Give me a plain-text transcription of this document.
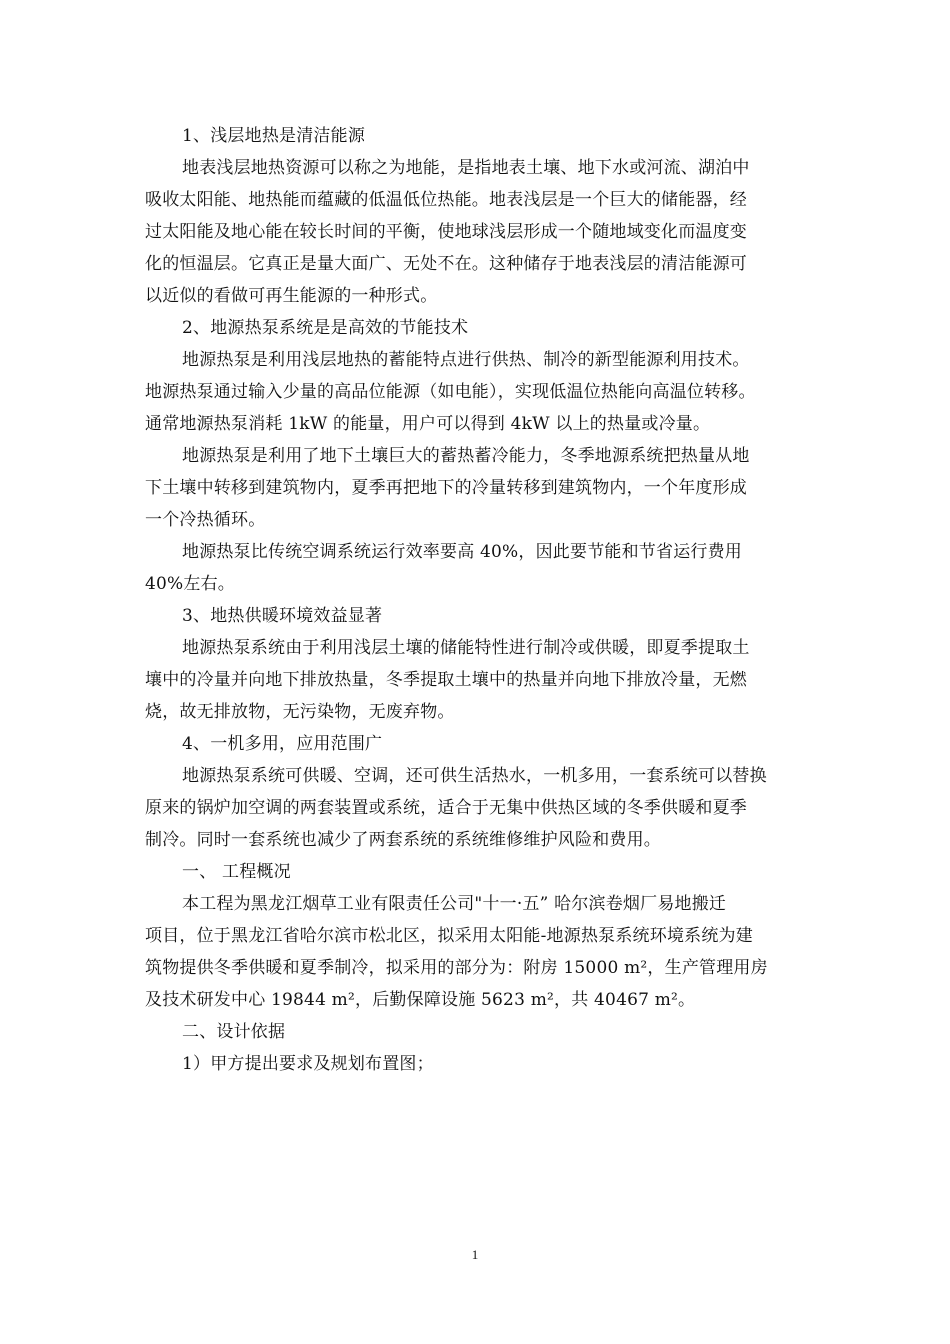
1、浅层地热是清洁能源
地表浅层地热资源可以称之为地能，是指地表土壤、地下水或河流、湖泊中
吸收太阳能、地热能而蕴藏的低温低位热能。地表浅层是一个巨大的储能器，经
过太阳能及地心能在较长时间的平衡，使地球浅层形成一个随地域变化而温度变
化的恒温层。它真正是量大面广、无处不在。这种储存于地表浅层的清洁能源可
以近似的看做可再生能源的一种形式。
2、地源热泵系统是是高效的节能技术
地源热泵是利用浅层地热的蓄能特点进行供热、制冷的新型能源利用技术。
地源热泵通过输入少量的高品位能源（如电能），实现低温位热能向高温位转移。
通常地源热泵消耗 1kW 的能量，用户可以得到 4kW 以上的热量或冷量。
地源热泵是利用了地下土壤巨大的蓄热蓄冷能力，冬季地源系统把热量从地
下土壤中转移到建筑物内，夏季再把地下的冷量转移到建筑物内，一个年度形成
一个冷热循环。
地源热泵比传统空调系统运行效率要高 40%，因此要节能和节省运行费用
40%左右。
3、地热供暖环境效益显著
地源热泵系统由于利用浅层土壤的储能特性进行制冷或供暖，即夏季提取土
壤中的冷量并向地下排放热量，冬季提取土壤中的热量并向地下排放冷量，无燃
烧，故无排放物，无污染物，无废弃物。
4、一机多用，应用范围广
地源热泵系统可供暖、空调，还可供生活热水，一机多用，一套系统可以替换
原来的锅炉加空调的两套装置或系统，适合于无集中供热区域的冬季供暖和夏季
制冷。同时一套系统也减少了两套系统的系统维修维护风险和费用。
一、 工程概况
本工程为黑龙江烟草工业有限责任公司"十一·五” 哈尔滨卷烟厂易地搬迁
项目，位于黑龙江省哈尔滨市松北区，拟采用太阳能-地源热泵系统环境系统为建
筑物提供冬季供暖和夏季制冷，拟采用的部分为：附房 15000 m²，生产管理用房
及技术研发中心 19844 m²，后勤保障设施 5623 m²，共 40467 m²。
二、设计依据
1）甲方提出要求及规划布置图；
1
